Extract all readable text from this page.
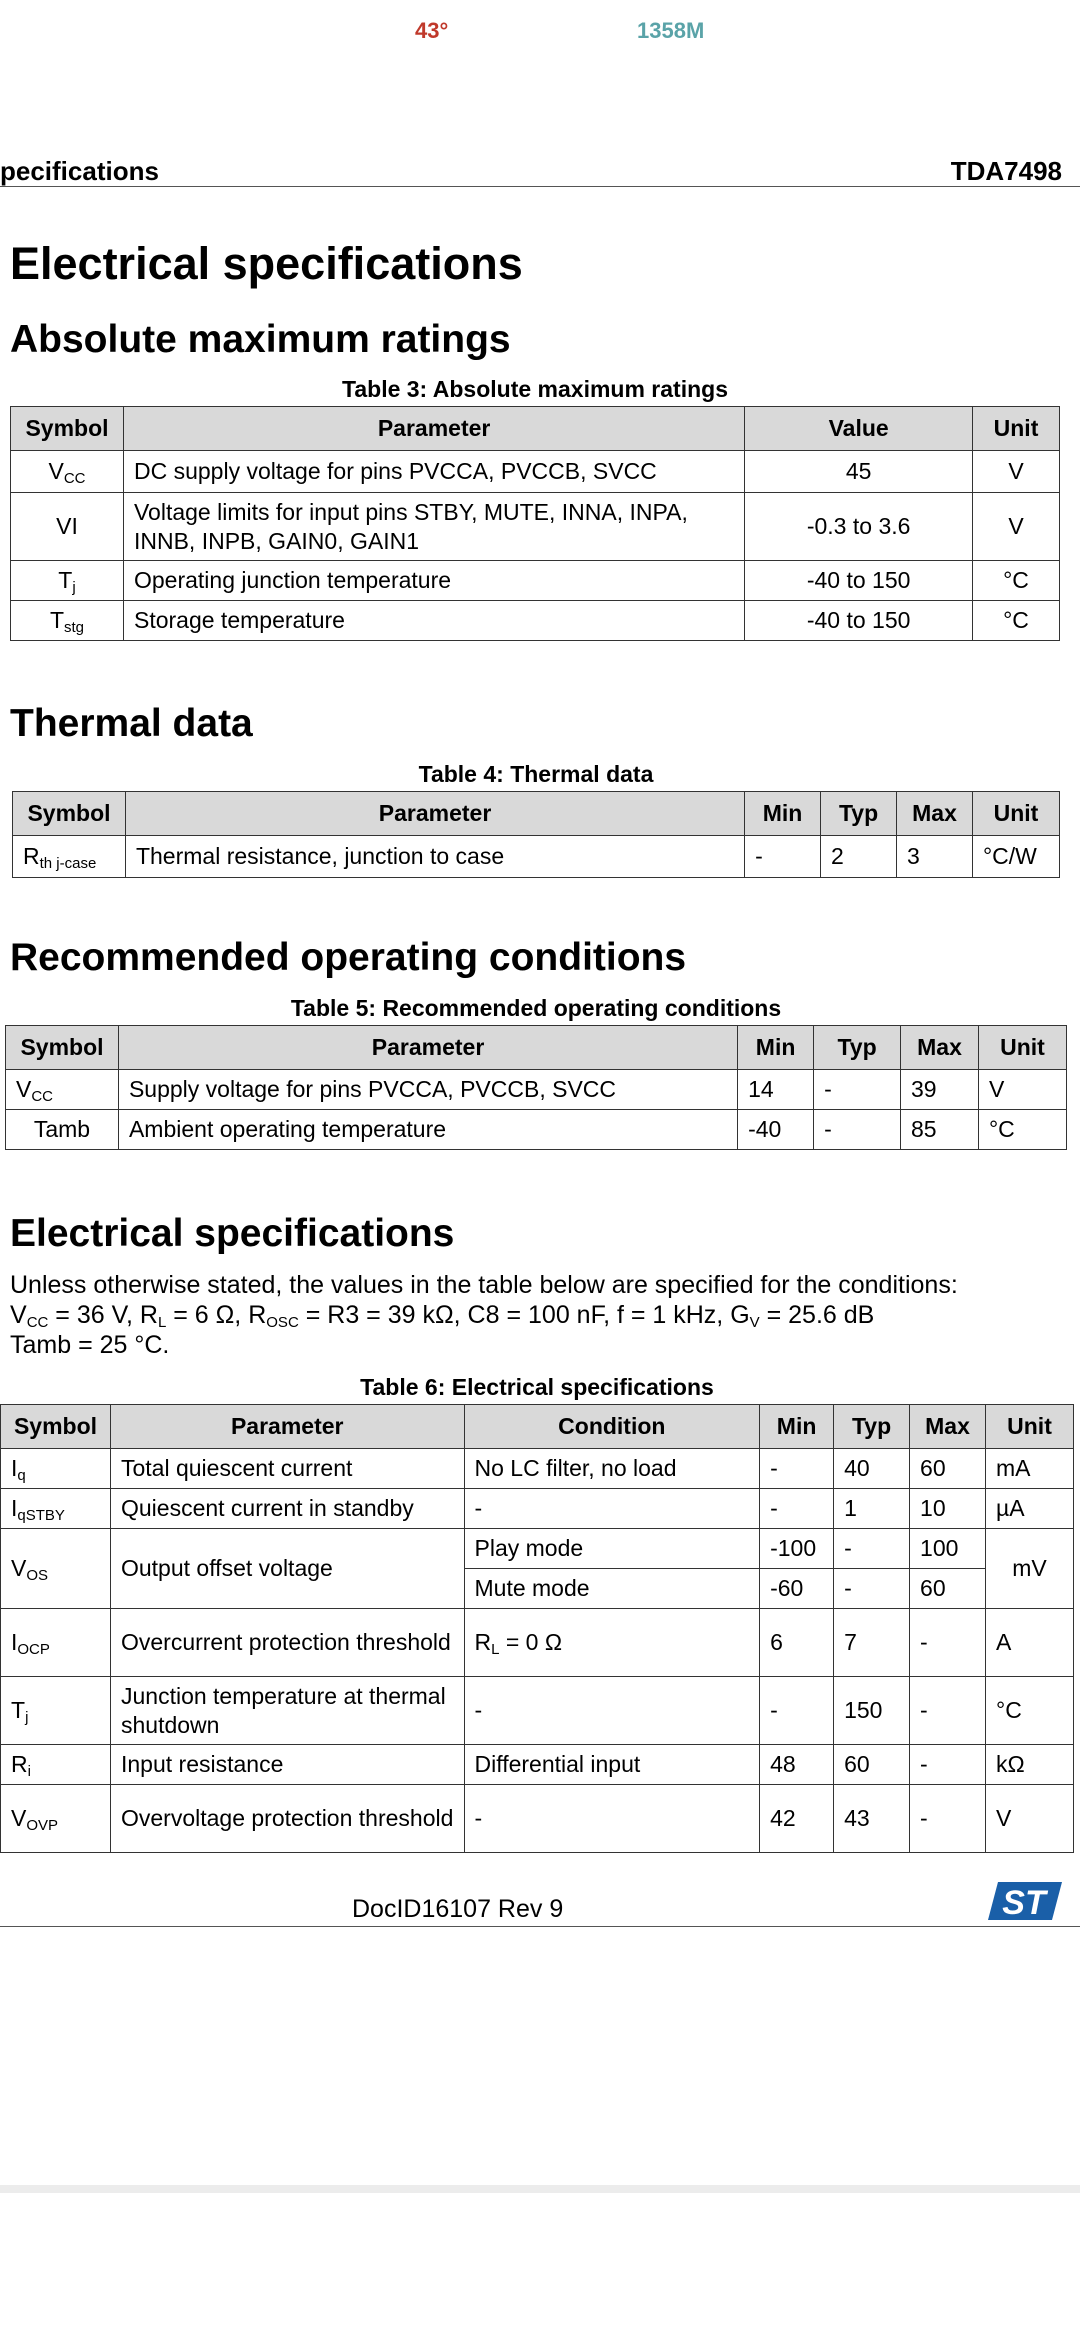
43°	1358M
pecifications	TDA7498
Electrical specifications
Absolute maximum ratings
Table 3: Absolute maximum ratings
Symbol	Parameter	Value	Unit
$V_{CC}$	DC supply voltage for pins PVCCA, PVCCB, SVCC	45	V
VI	Voltage limits for input pins STBY, MUTE, INNA, INPA, INNB, INPB, GAIN0, GAIN1	-0.3 to 3.6	V
$T_j$	Operating junction temperature	-40 to 150	°C
$T_{stg}$	Storage temperature	-40 to 150	°C
Thermal data
Table 4: Thermal data
Symbol	Parameter	Min	Typ	Max	Unit
$R_{th j-case}$	Thermal resistance, junction to case	-	2	3	°C/W
Recommended operating conditions
Table 5: Recommended operating conditions
Symbol	Parameter	Min	Typ	Max	Unit
$V_{CC}$	Supply voltage for pins PVCCA, PVCCB, SVCC	14	-	39	V
Tamb	Ambient operating temperature	-40	-	85	°C
Electrical specifications
Unless otherwise stated, the values in the table below are specified for the conditions:
$V_{CC} = 36$ V, $R_L = 6$ Ω, $R_{OSC} = R3 = 39$ kΩ, C8 = 100 nF, f = 1 kHz, $G_V = 25.6$ dB
Tamb = 25 °C.
Table 6: Electrical specifications
Symbol	Parameter	Condition	Min	Typ	Max	Unit
$I_q$	Total quiescent current	No LC filter, no load	-	40	60	mA
$I_{qSTBY}$	Quiescent current in standby	-	-	1	10	µA
$V_{OS}$	Output offset voltage	Play mode	-100	-	100	mV
		Mute mode	-60	-	60	
$I_{OCP}$	Overcurrent protection threshold	$R_L = 0$ Ω	6	7	-	A
$T_j$	Junction temperature at thermal shutdown	-	-	150	-	°C
$R_i$	Input resistance	Differential input	48	60	-	kΩ
$V_{OVP}$	Overvoltage protection threshold	-	42	43	-	V
DocID16107 Rev 9	ST
